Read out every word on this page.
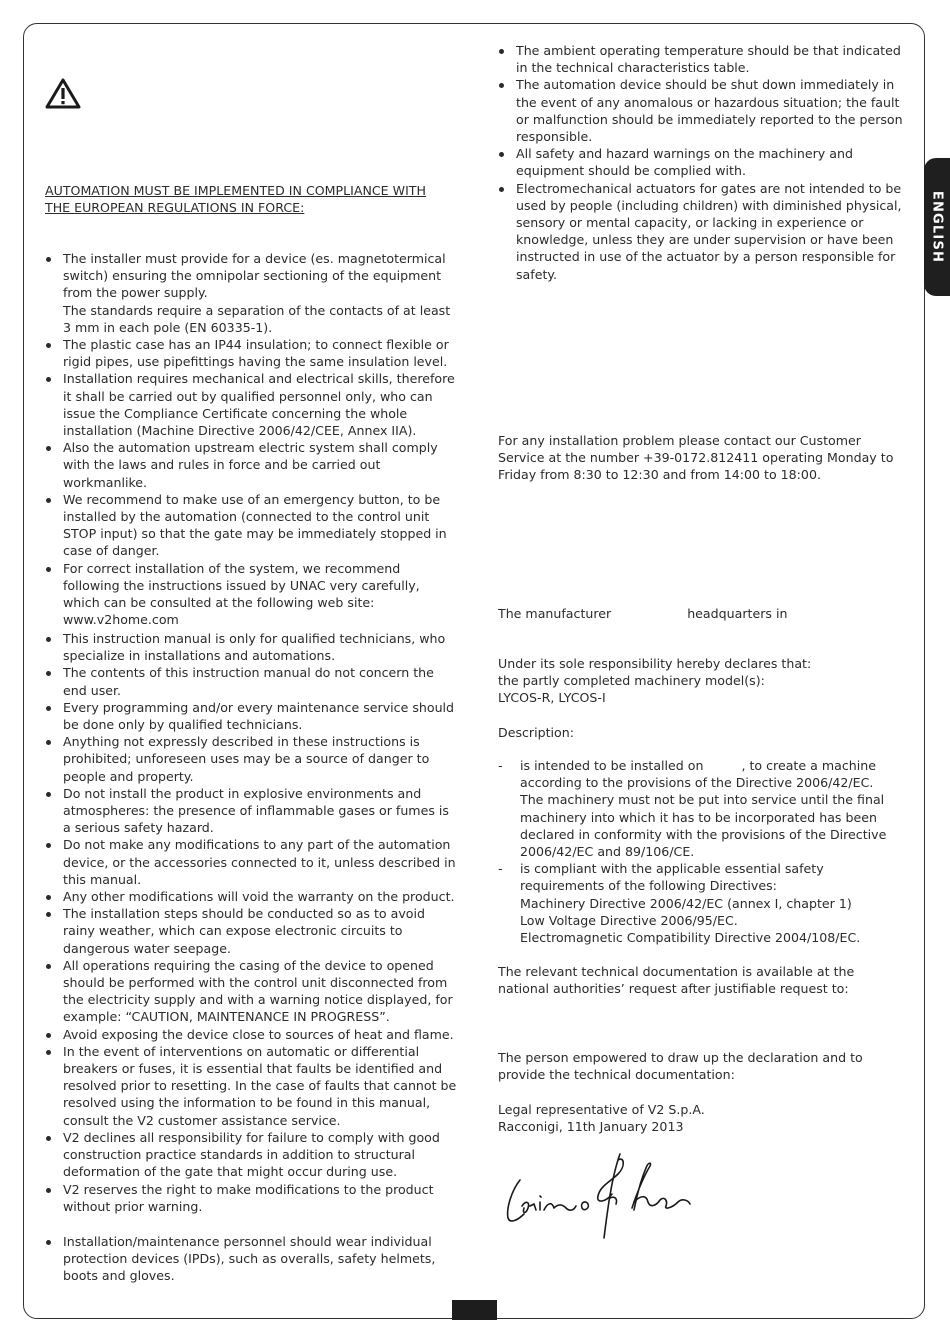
ENGLISH
AUTOMATION MUST BE IMPLEMENTED IN COMPLIANCE WITH THE EUROPEAN REGULATIONS IN FORCE:
The installer must provide for a device (es. magnetotermical switch) ensuring the omnipolar sectioning of the equipment from the power supply.
The standards require a separation of the contacts of at least 3 mm in each pole (EN 60335-1).
The plastic case has an IP44 insulation; to connect flexible or rigid pipes, use pipefittings having the same insulation level.
Installation requires mechanical and electrical skills, therefore it shall be carried out by qualified personnel only, who can issue the Compliance Certificate concerning the whole installation (Machine Directive 2006/42/CEE, Annex IIA).
Also the automation upstream electric system shall comply with the laws and rules in force and be carried out workmanlike.
We recommend to make use of an emergency button, to be installed by the automation (connected to the control unit STOP input) so that the gate may be immediately stopped in case of danger.
For correct installation of the system, we recommend following the instructions issued by UNAC very carefully, which can be consulted at the following web site: www.v2home.com
This instruction manual is only for qualified technicians, who specialize in installations and automations.
The contents of this instruction manual do not concern the end user.
Every programming and/or every maintenance service should be done only by qualified technicians.
Anything not expressly described in these instructions is prohibited; unforeseen uses may be a source of danger to people and property.
Do not install the product in explosive environments and atmospheres: the presence of inflammable gases or fumes is a serious safety hazard.
Do not make any modifications to any part of the automation device, or the accessories connected to it, unless described in this manual.
Any other modifications will void the warranty on the product.
The installation steps should be conducted so as to avoid rainy weather, which can expose electronic circuits to dangerous water seepage.
All operations requiring the casing of the device to opened should be performed with the control unit disconnected from the electricity supply and with a warning notice displayed, for example: “CAUTION, MAINTENANCE IN PROGRESS”.
Avoid exposing the device close to sources of heat and flame.
In the event of interventions on automatic or differential breakers or fuses, it is essential that faults be identified and resolved prior to resetting. In the case of faults that cannot be resolved using the information to be found in this manual, consult the V2 customer assistance service.
V2 declines all responsibility for failure to comply with good construction practice standards in addition to structural deformation of the gate that might occur during use.
V2 reserves the right to make modifications to the product without prior warning.
Installation/maintenance personnel should wear individual protection devices (IPDs), such as overalls, safety helmets, boots and gloves.
The ambient operating temperature should be that indicated in the technical characteristics table.
The automation device should be shut down immediately in the event of any anomalous or hazardous situation; the fault or malfunction should be immediately reported to the person responsible.
All safety and hazard warnings on the machinery and equipment should be complied with.
Electromechanical actuators for gates are not intended to be used by people (including children) with diminished physical, sensory or mental capacity, or lacking in experience or knowledge, unless they are under supervision or have been instructed in use of the actuator by a person responsible for safety.
For any installation problem please contact our Customer Service at the number +39-0172.812411 operating Monday to Friday from 8:30 to 12:30 and from 14:00 to 18:00.
The manufacturer	headquarters in

Under its sole responsibility hereby declares that:

the partly completed machinery model(s):

LYCOS-R, LYCOS-I

Description:
- is intended to be installed on	, to create a machine according to the provisions of the Directive 2006/42/EC.
The machinery must not be put into service until the final machinery into which it has to be incorporated has been declared in conformity with the provisions of the Directive 2006/42/EC and 89/106/CE.
- is compliant with the applicable essential safety requirements of the following Directives:
Machinery Directive 2006/42/EC (annex I, chapter 1)
Low Voltage Directive 2006/95/EC.
Electromagnetic Compatibility Directive 2004/108/EC.
The relevant technical documentation is available at the national authorities’ request after justifiable request to:
The person empowered to draw up the declaration and to provide the technical documentation:

Legal representative of V2 S.p.A.

Racconigi, 11th January 2013
